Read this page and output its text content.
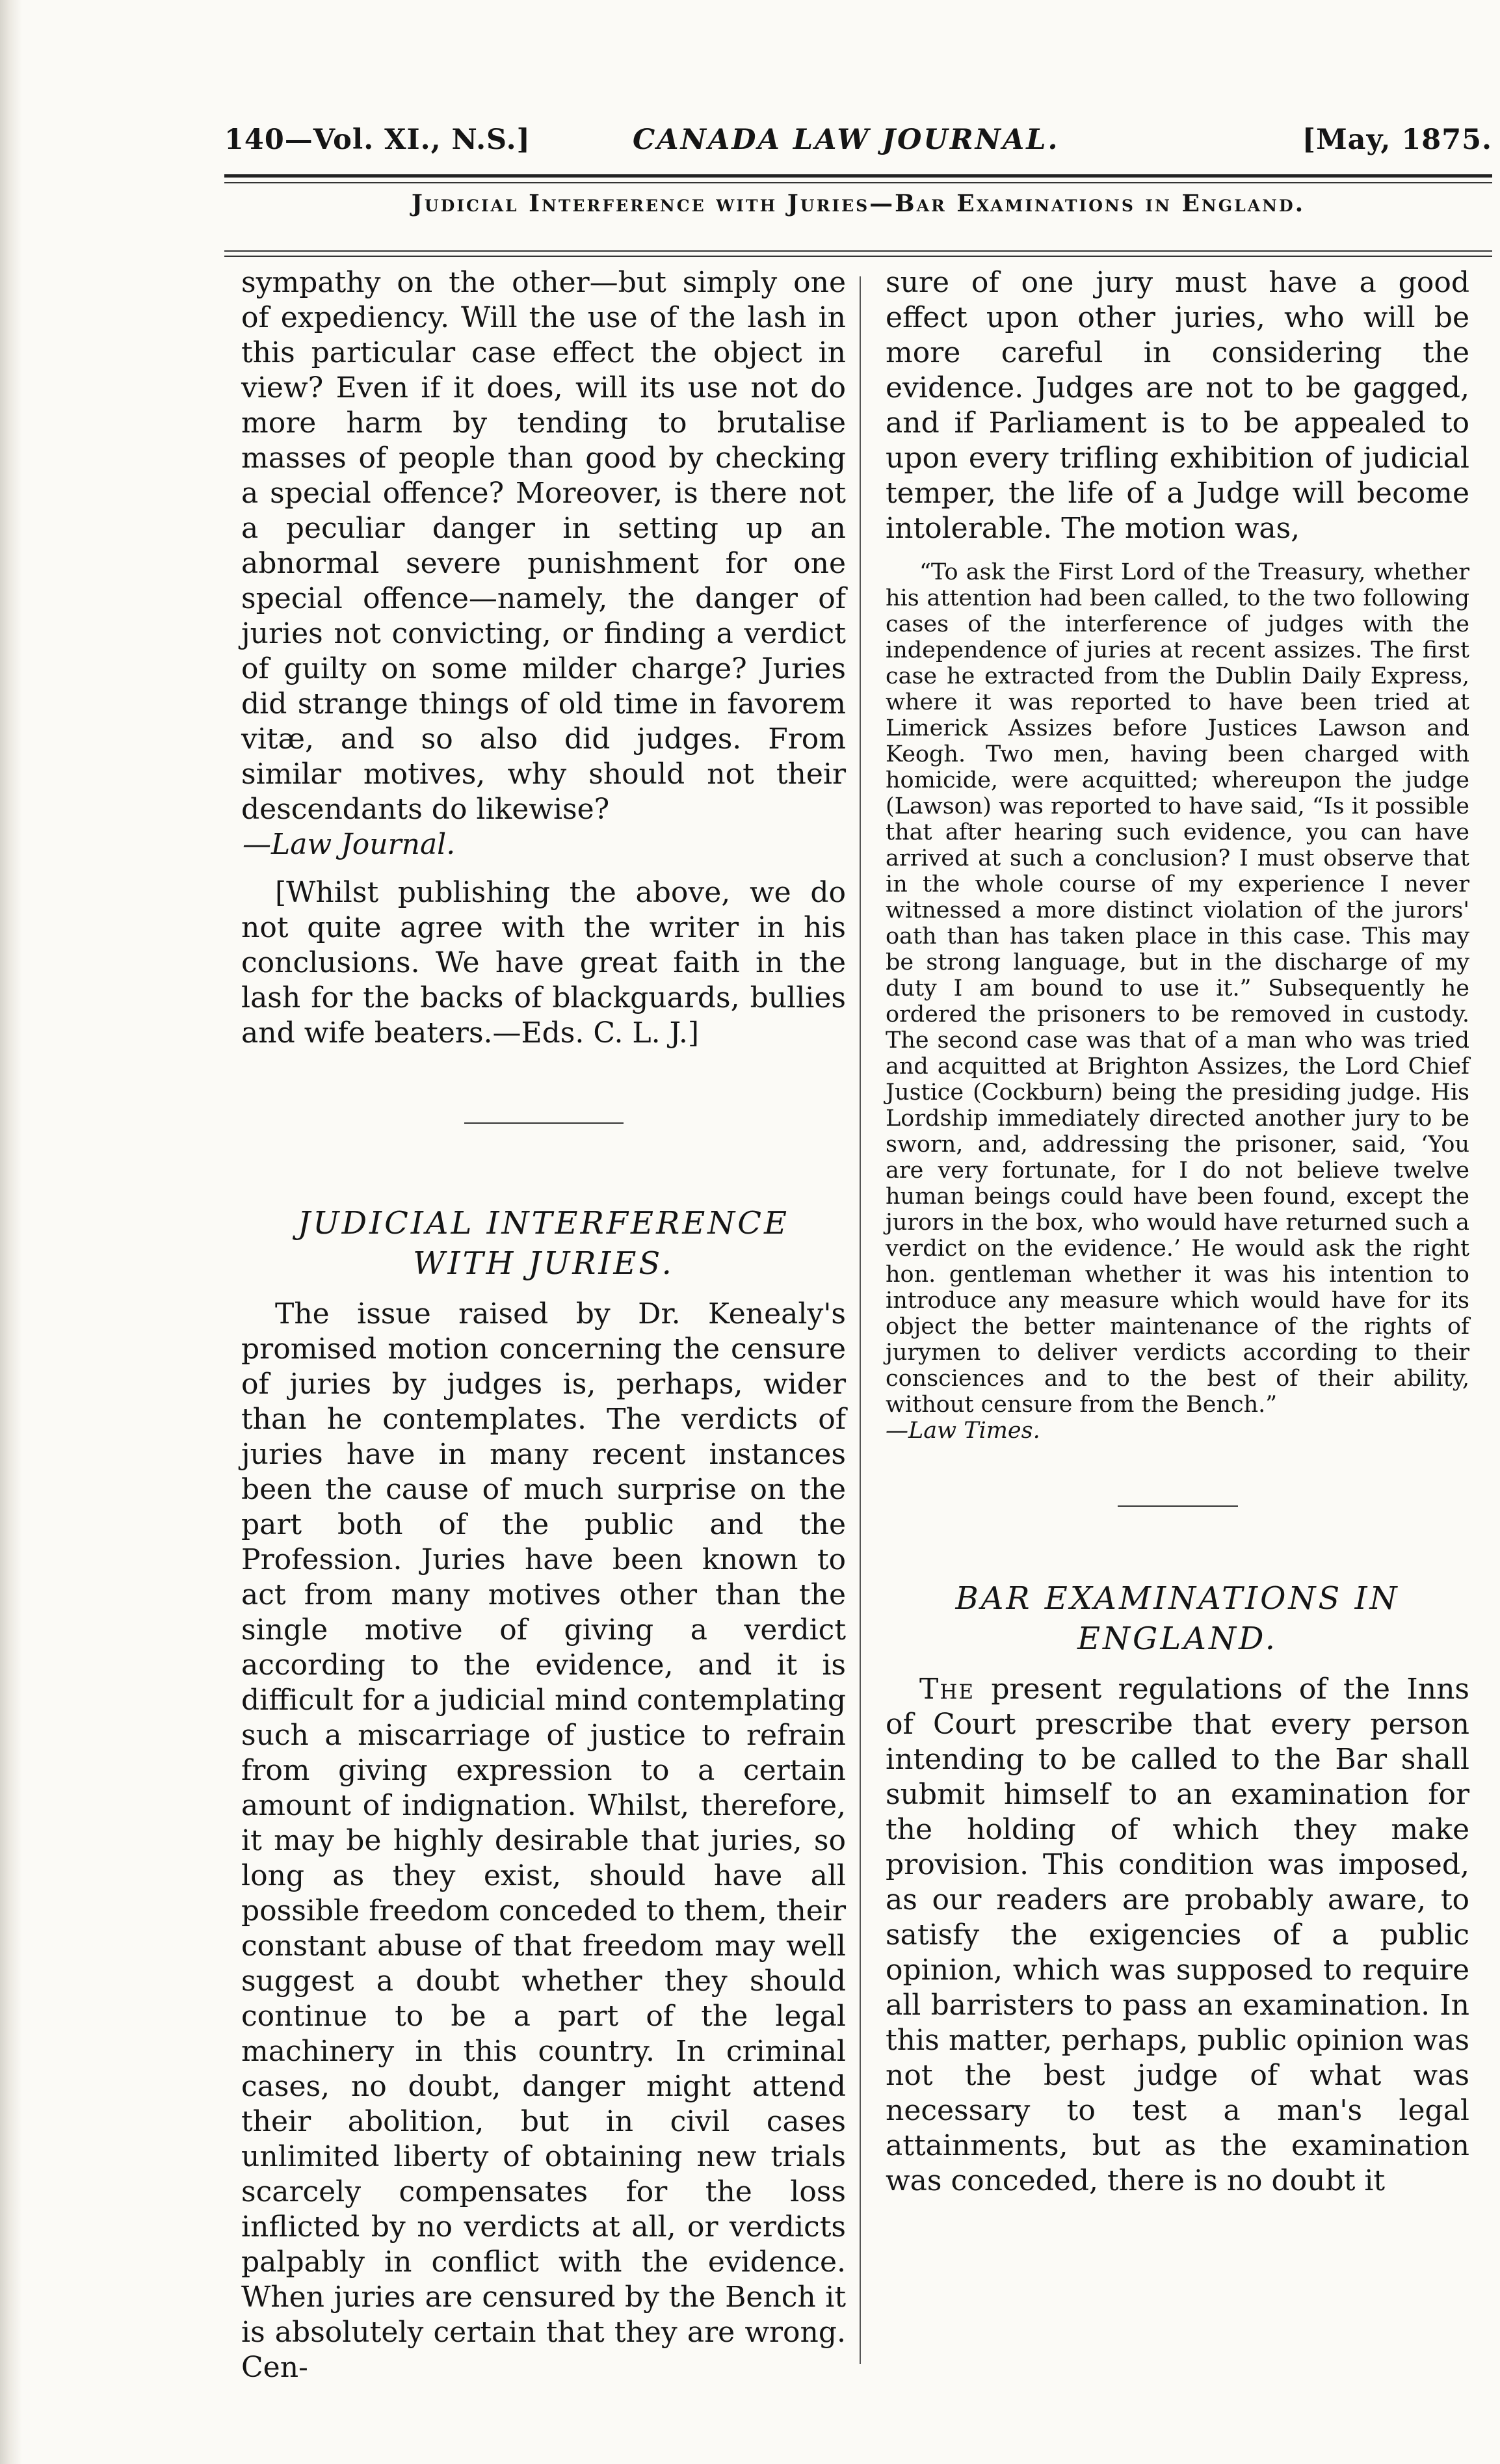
140—Vol. XI., N.S.]	CANADA LAW JOURNAL.	[May, 1875.
Judicial Interference with Juries—Bar Examinations in England.

sympathy on the other—but simply one of expediency. Will the use of the lash in this particular case effect the object in view? Even if it does, will its use not do more harm by tending to brutalise masses of people than good by checking a special offence? Moreover, is there not a peculiar danger in setting up an abnormal severe punishment for one special offence—namely, the danger of juries not convicting, or finding a verdict of guilty on some milder charge? Juries did strange things of old time in favorem vitæ, and so also did judges. From similar motives, why should not their descendants do likewise?

—Law Journal.

[Whilst publishing the above, we do not quite agree with the writer in his conclusions. We have great faith in the lash for the backs of blackguards, bullies and wife beaters.—Eds. C. L. J.]

JUDICIAL INTERFERENCE

WITH JURIES.

The issue raised by Dr. Kenealy's promised motion concerning the censure of juries by judges is, perhaps, wider than he contemplates. The verdicts of juries have in many recent instances been the cause of much surprise on the part both of the public and the Profession. Juries have been known to act from many motives other than the single motive of giving a verdict according to the evidence, and it is difficult for a judicial mind contemplating such a miscarriage of justice to refrain from giving expression to a certain amount of indignation. Whilst, therefore, it may be highly desirable that juries, so long as they exist, should have all possible freedom conceded to them, their constant abuse of that freedom may well suggest a doubt whether they should continue to be a part of the legal machinery in this country. In criminal cases, no doubt, danger might attend their abolition, but in civil cases unlimited liberty of obtaining new trials scarcely compensates for the loss inflicted by no verdicts at all, or verdicts palpably in conflict with the evidence. When juries are censured by the Bench it is absolutely certain that they are wrong. Cen-

sure of one jury must have a good effect upon other juries, who will be more careful in considering the evidence. Judges are not to be gagged, and if Parliament is to be appealed to upon every trifling exhibition of judicial temper, the life of a Judge will become intolerable. The motion was,

“To ask the First Lord of the Treasury, whether his attention had been called, to the two following cases of the interference of judges with the independence of juries at recent assizes. The first case he extracted from the Dublin Daily Express, where it was reported to have been tried at Limerick Assizes before Justices Lawson and Keogh. Two men, having been charged with homicide, were acquitted; whereupon the judge (Lawson) was reported to have said, “Is it possible that after hearing such evidence, you can have arrived at such a conclusion? I must observe that in the whole course of my experience I never witnessed a more distinct violation of the jurors' oath than has taken place in this case. This may be strong language, but in the discharge of my duty I am bound to use it.” Subsequently he ordered the prisoners to be removed in custody. The second case was that of a man who was tried and acquitted at Brighton Assizes, the Lord Chief Justice (Cockburn) being the presiding judge. His Lordship immediately directed another jury to be sworn, and, addressing the prisoner, said, ‘You are very fortunate, for I do not believe twelve human beings could have been found, except the jurors in the box, who would have returned such a verdict on the evidence.’ He would ask the right hon. gentleman whether it was his intention to introduce any measure which would have for its object the better maintenance of the rights of jurymen to deliver verdicts according to their consciences and to the best of their ability, without censure from the Bench.”

—Law Times.

BAR EXAMINATIONS IN

ENGLAND.

The present regulations of the Inns of Court prescribe that every person intending to be called to the Bar shall submit himself to an examination for the holding of which they make provision. This condition was imposed, as our readers are probably aware, to satisfy the exigencies of a public opinion, which was supposed to require all barristers to pass an examination. In this matter, perhaps, public opinion was not the best judge of what was necessary to test a man's legal attainments, but as the examination was conceded, there is no doubt it
